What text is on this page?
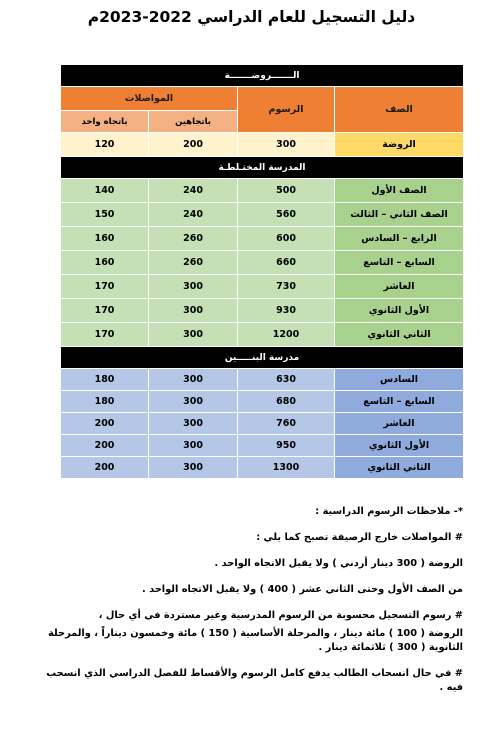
دليل التسجيل للعام الدراسي 2022-2023م
الـــــــروضـــــــة			
الصف	الرسوم	المواصلات	
		باتجاهين	باتجاه واحد
الروضة	300	200	120
المدرسة المختـلطـة			
الصف الأول	500	240	140
الصف الثاني – الثالث	560	240	150
الرابع – السادس	600	260	160
السابع – التاسع	660	260	160
العاشر	730	300	170
الأول الثانوي	930	300	170
الثاني الثانوي	1200	300	170
مدرسة البنـــــين			
السادس	630	300	180
السابع – التاسع	680	300	180
العاشر	760	300	200
الأول الثانوي	950	300	200
الثاني الثانوي	1300	300	200

*- ملاحظات الرسوم الدراسية :

# المواصلات خارج الرصيفة تصبح كما يلي :

الروضة ( 300 دينار أردني ) ولا يقبل الاتجاه الواحد .

من الصف الأول وحتى الثاني عشر ( 400 ) ولا يقبل الاتجاه الواحد .

# رسوم التسجيل محسوبة من الرسوم المدرسية وغير مستردة في أي حال ،

الروضة ( 100 ) مائة دينار ، والمرحلة الأساسية ( 150 ) مائة وخمسون ديناراً ، والمرحلة الثانوية ( 300 ) ثلاثمائة دينار .

# في حال انسحاب الطالب يدفع كامل الرسوم والأقساط للفصل الدراسي الذي انسحب فيه .
